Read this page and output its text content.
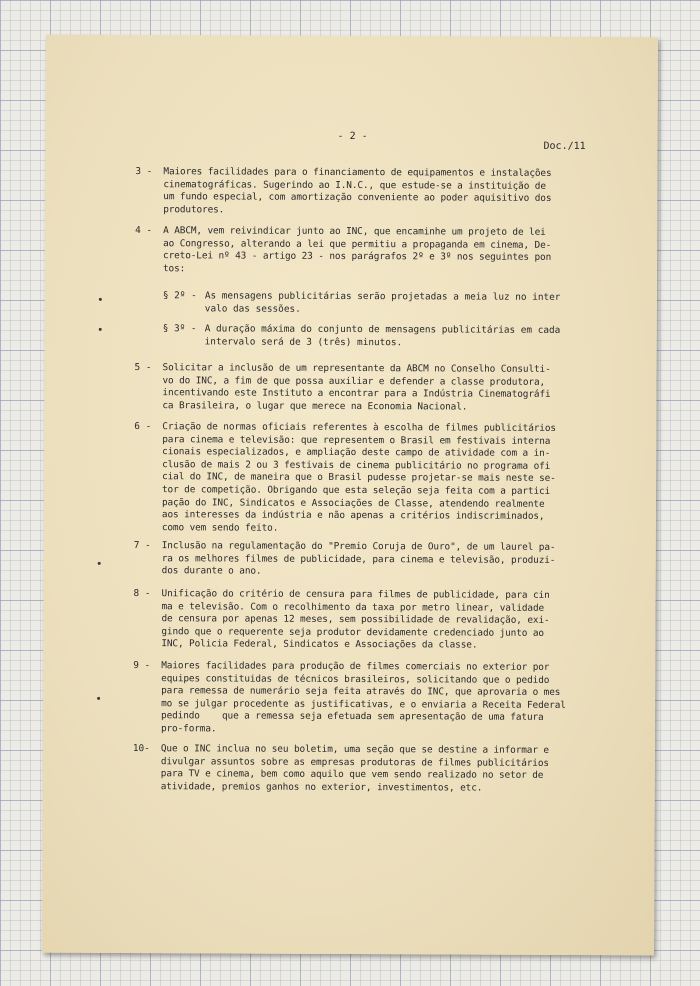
- 2 -
Doc./11
3 -	Maiores facilidades para o financiamento de equipamentos e instalações
cinematográficas. Sugerindo ao I.N.C., que estude-se a instituição de
um fundo especial, com amortização conveniente ao poder aquisitivo dos
produtores.
4 -	A ABCM, vem reivindicar junto ao INC, que encaminhe um projeto de lei
ao Congresso, alterando a lei que permitiu a propaganda em cinema, De-
creto-Lei nº 43 - artigo 23 - nos parágrafos 2º e 3º nos seguintes pon
tos:
§ 2º - As mensagens publicitárias serão projetadas a meia luz no inter
valo das sessões.
§ 3º - A duração máxima do conjunto de mensagens publicitárias em cada
intervalo será de 3 (três) minutos.
5 -	Solicitar a inclusão de um representante da ABCM no Conselho Consulti-
vo do INC, a fim de que possa auxiliar e defender a classe produtora,
incentivando este Instituto a encontrar para a Indústria Cinematográfi
ca Brasileira, o lugar que merece na Economia Nacional.
6 -	Criação de normas oficiais referentes à escolha de filmes publicitários
para cinema e televisão: que representem o Brasil em festivais interna
cionais especializados, e ampliação deste campo de atividade com a in-
clusão de mais 2 ou 3 festivais de cinema publicitário no programa ofi
cial do INC, de maneira que o Brasil pudesse projetar-se mais neste se-
tor de competição. Obrigando que esta seleção seja feita com a partici
pação do INC, Sindicatos e Associações de Classe, atendendo realmente
aos interesses da indústria e não apenas a critérios indiscriminados,
como vem sendo feito.
7 -	Inclusão na regulamentação do "Premio Coruja de Ouro", de um laurel pa-
ra os melhores filmes de publicidade, para cinema e televisão, produzi-
dos durante o ano.
8 -	Unificação do critério de censura para filmes de publicidade, para cin
ma e televisão. Com o recolhimento da taxa por metro linear, validade
de censura por apenas 12 meses, sem possibilidade de revalidação, exi-
gindo que o requerente seja produtor devidamente credenciado junto ao
INC, Policia Federal, Sindicatos e Associações da classe.
9 -	Maiores facilidades para produção de filmes comerciais no exterior por
equipes constituidas de técnicos brasileiros, solicitando que o pedido
para remessa de numerário seja feita através do INC, que aprovaria o mes
mo se julgar procedente as justificativas, e o enviaria a Receita Federal
pedindo    que a remessa seja efetuada sem apresentação de uma fatura
pro-forma.
10-	Que o INC inclua no seu boletim, uma seção que se destine a informar e
divulgar assuntos sobre as empresas produtoras de filmes publicitários
para TV e cinema, bem como aquilo que vem sendo realizado no setor de
atividade, premios ganhos no exterior, investimentos, etc.
